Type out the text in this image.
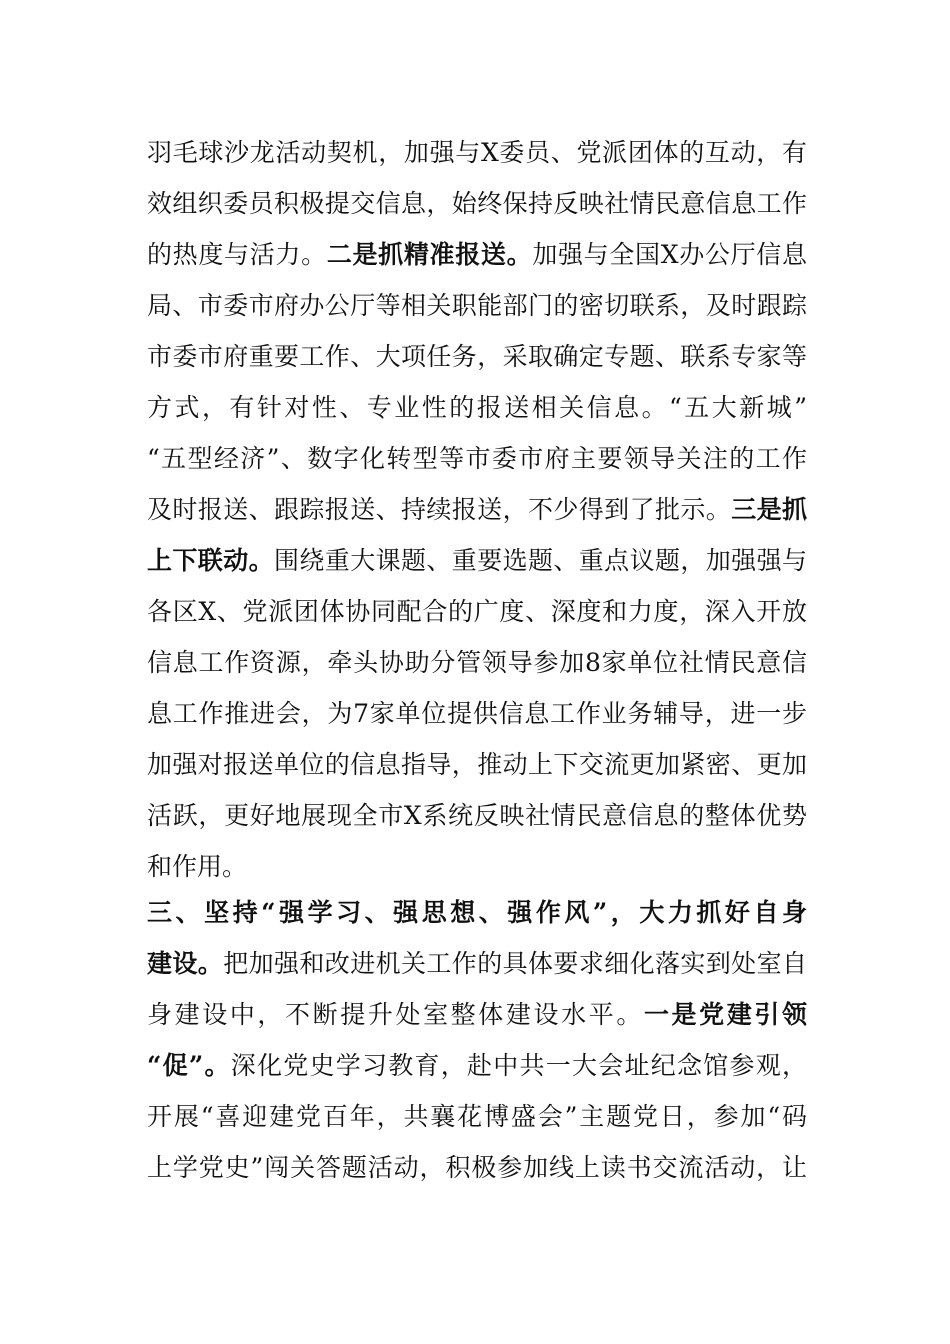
羽毛球沙龙活动契机，加强与X委员、党派团体的互动，有
效组织委员积极提交信息，始终保持反映社情民意信息工作
的热度与活力。二是抓精准报送。加强与全国X办公厅信息
局、市委市府办公厅等相关职能部门的密切联系，及时跟踪
市委市府重要工作、大项任务，采取确定专题、联系专家等
方式，有针对性、专业性的报送相关信息。“五大新城”
“五型经济”、数字化转型等市委市府主要领导关注的工作
及时报送、跟踪报送、持续报送，不少得到了批示。三是抓
上下联动。围绕重大课题、重要选题、重点议题，加强强与
各区X、党派团体协同配合的广度、深度和力度，深入开放
信息工作资源，牵头协助分管领导参加8家单位社情民意信
息工作推进会，为7家单位提供信息工作业务辅导，进一步
加强对报送单位的信息指导，推动上下交流更加紧密、更加
活跃，更好地展现全市X系统反映社情民意信息的整体优势
和作用。
三、坚持“强学习、强思想、强作风”，大力抓好自身
建设。把加强和改进机关工作的具体要求细化落实到处室自
身建设中，不断提升处室整体建设水平。一是党建引领
“促”。深化党史学习教育，赴中共一大会址纪念馆参观，
开展“喜迎建党百年，共襄花博盛会”主题党日，参加“码
上学党史”闯关答题活动，积极参加线上读书交流活动，让
